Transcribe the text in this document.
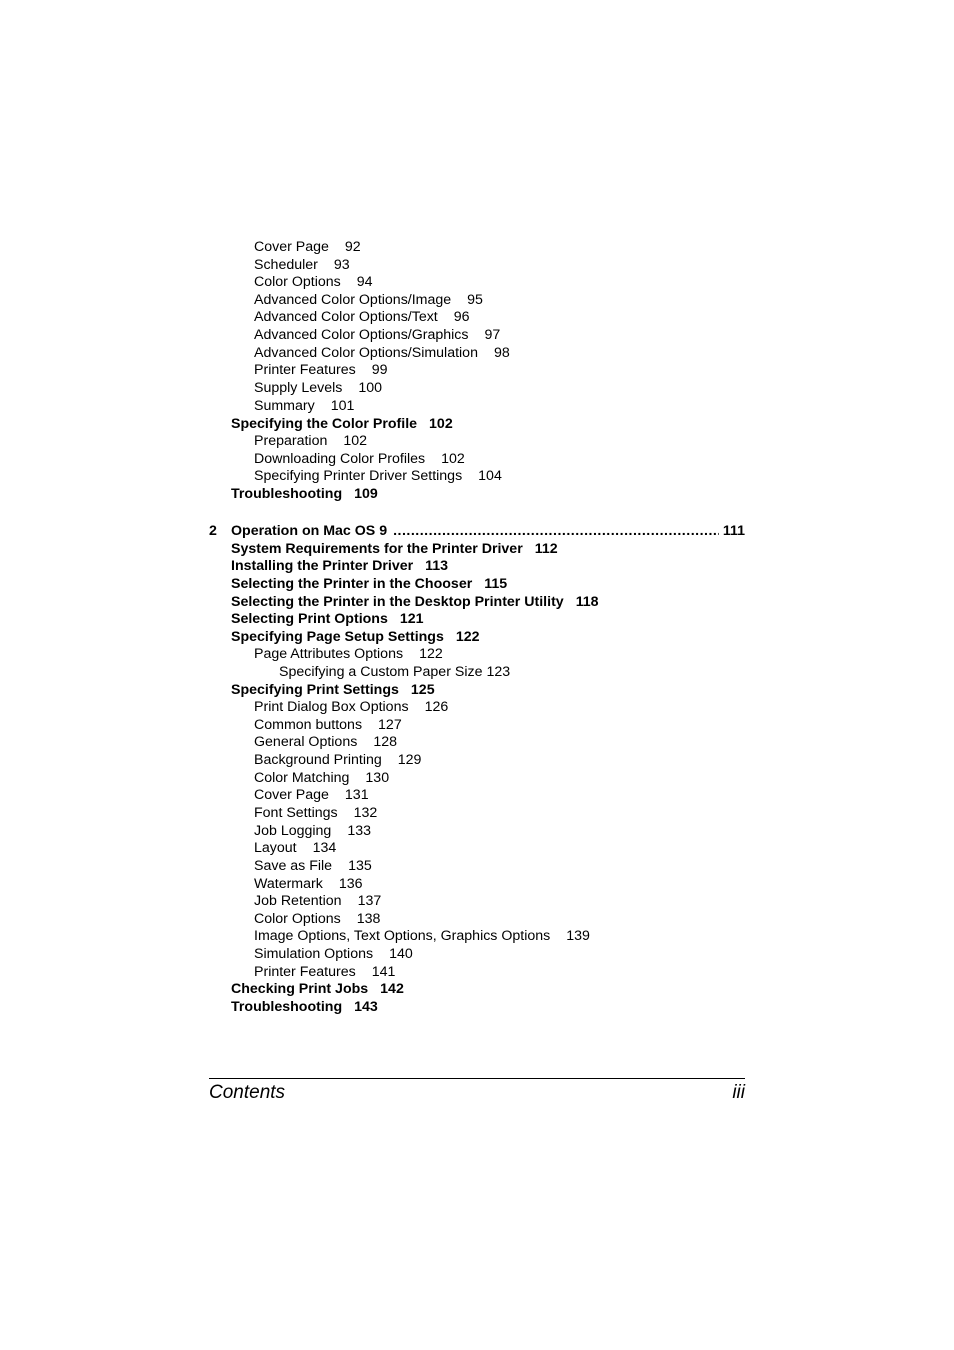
Cover Page 92
Scheduler 93
Color Options 94
Advanced Color Options/Image 95
Advanced Color Options/Text 96
Advanced Color Options/Graphics 97
Advanced Color Options/Simulation 98
Printer Features 99
Supply Levels 100
Summary 101
Specifying the Color Profile 102
Preparation 102
Downloading Color Profiles 102
Specifying Printer Driver Settings 104
Troubleshooting 109
2 Operation on Mac OS 9
.....	111
System Requirements for the Printer Driver 112
Installing the Printer Driver 113
Selecting the Printer in the Chooser 115
Selecting the Printer in the Desktop Printer Utility 118
Selecting Print Options 121
Specifying Page Setup Settings 122
Page Attributes Options 122
Specifying a Custom Paper Size 123
Specifying Print Settings 125
Print Dialog Box Options 126
Common buttons 127
General Options 128
Background Printing 129
Color Matching 130
Cover Page 131
Font Settings 132
Job Logging 133
Layout 134
Save as File 135
Watermark 136
Job Retention 137
Color Options 138
Image Options, Text Options, Graphics Options 139
Simulation Options 140
Printer Features 141
Checking Print Jobs 142
Troubleshooting 143
Contents	iii
